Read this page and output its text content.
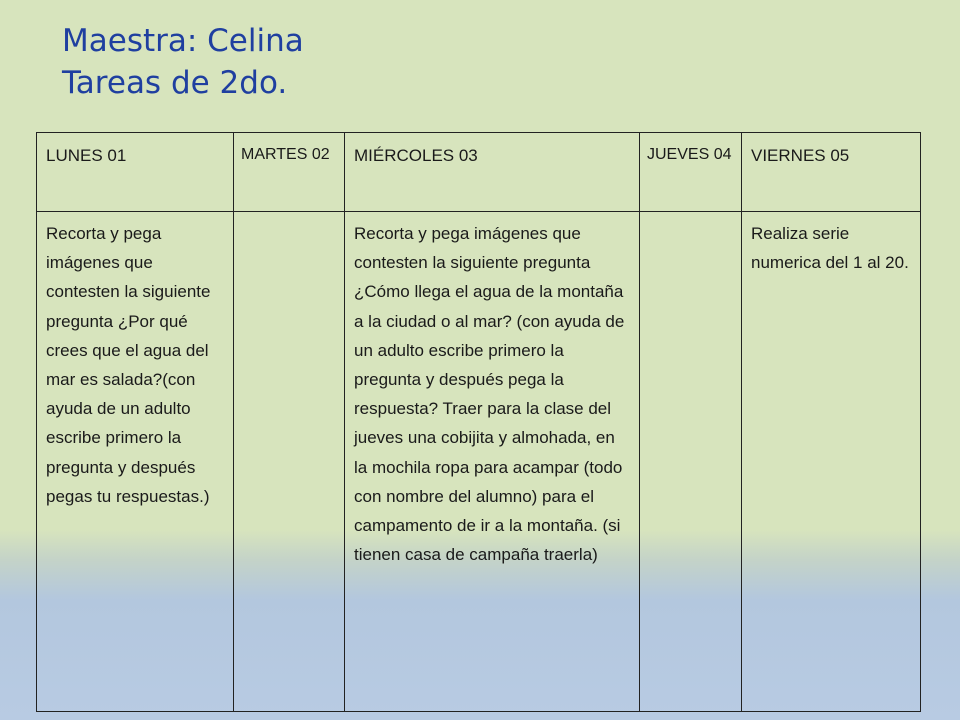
Maestra: Celina
Tareas de 2do.
LUNES 01	MARTES 02	MIÉRCOLES 03	JUEVES 04	VIERNES 05
Recorta y pega imágenes que contesten la siguiente pregunta ¿Por qué crees que el agua del mar es salada?(con ayuda de un adulto escribe primero la pregunta y después pegas tu respuestas.)		Recorta y pega imágenes que contesten la siguiente pregunta ¿Cómo llega el agua de la montaña a la ciudad o al mar? (con ayuda de un adulto escribe primero la pregunta y después pega la respuesta? Traer para la clase del jueves una cobijita y almohada, en la mochila ropa para acampar (todo con nombre del alumno) para el campamento de ir a la montaña. (si tienen casa de campaña traerla)		Realiza serie numerica del 1 al 20.
